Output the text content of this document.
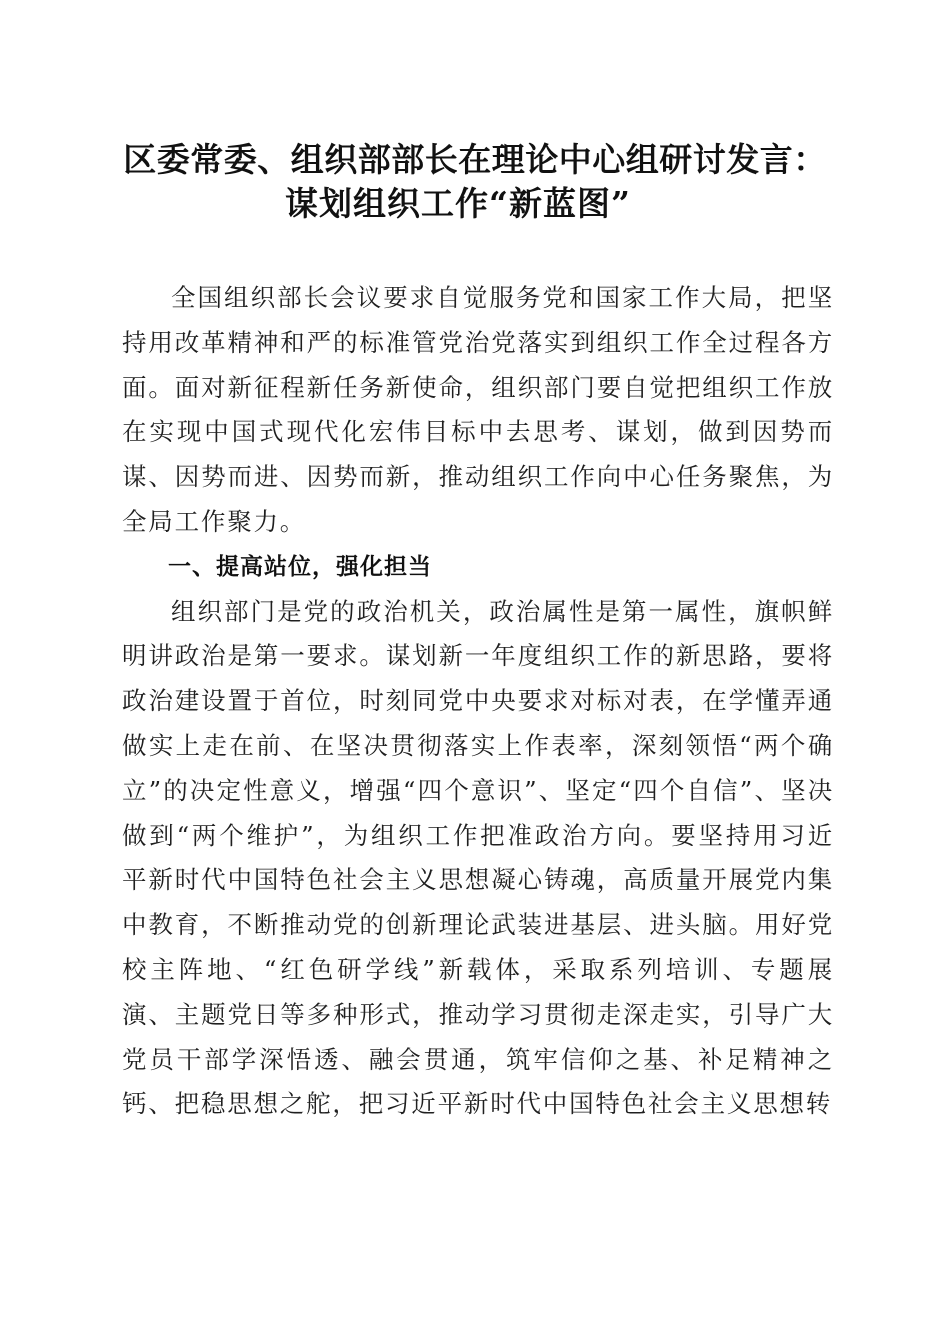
区委常委、组织部部长在理论中心组研讨发言：
谋划组织工作“新蓝图”

全国组织部长会议要求自觉服务党和国家工作大局，把坚持用改革精神和严的标准管党治党落实到组织工作全过程各方面。面对新征程新任务新使命，组织部门要自觉把组织工作放在实现中国式现代化宏伟目标中去思考、谋划，做到因势而谋、因势而进、因势而新，推动组织工作向中心任务聚焦，为全局工作聚力。

一、提高站位，强化担当

组织部门是党的政治机关，政治属性是第一属性，旗帜鲜明讲政治是第一要求。谋划新一年度组织工作的新思路，要将政治建设置于首位，时刻同党中央要求对标对表，在学懂弄通做实上走在前、在坚决贯彻落实上作表率，深刻领悟“两个确立”的决定性意义，增强“四个意识”、坚定“四个自信”、坚决做到“两个维护”，为组织工作把准政治方向。要坚持用习近平新时代中国特色社会主义思想凝心铸魂，高质量开展党内集中教育，不断推动党的创新理论武装进基层、进头脑。用好党校主阵地、“红色研学线”新载体，采取系列培训、专题展演、主题党日等多种形式，推动学习贯彻走深走实，引导广大党员干部学深悟透、融会贯通，筑牢信仰之基、补足精神之钙、把稳思想之舵，把习近平新时代中国特色社会主义思想转
